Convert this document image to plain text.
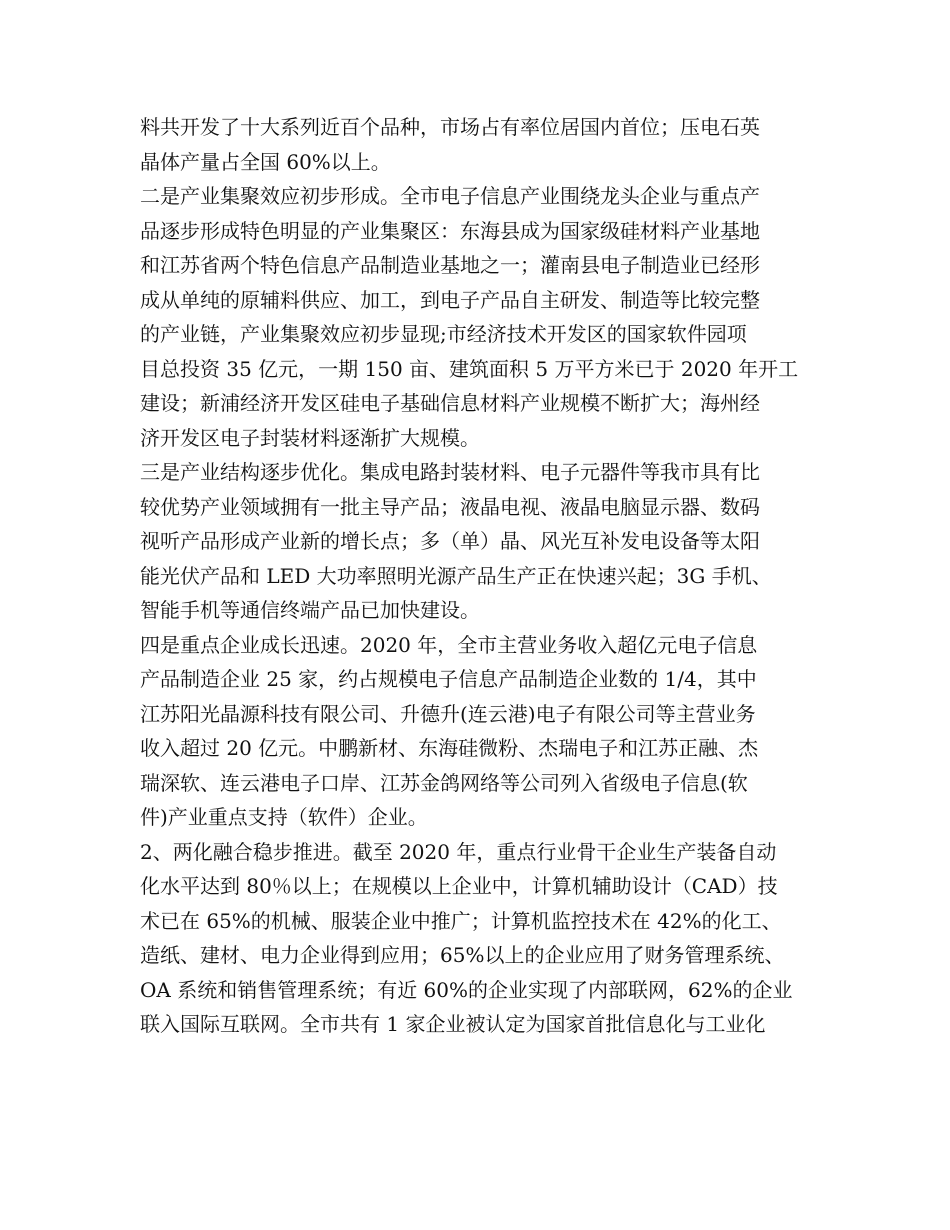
料共开发了十大系列近百个品种，市场占有率位居国内首位；压电石英
晶体产量占全国 60%以上。
二是产业集聚效应初步形成。全市电子信息产业围绕龙头企业与重点产
品逐步形成特色明显的产业集聚区：东海县成为国家级硅材料产业基地
和江苏省两个特色信息产品制造业基地之一；灌南县电子制造业已经形
成从单纯的原辅料供应、加工，到电子产品自主研发、制造等比较完整
的产业链，产业集聚效应初步显现;市经济技术开发区的国家软件园项
目总投资 35 亿元，一期 150 亩、建筑面积 5 万平方米已于 2020 年开工
建设；新浦经济开发区硅电子基础信息材料产业规模不断扩大；海州经
济开发区电子封装材料逐渐扩大规模。
三是产业结构逐步优化。集成电路封装材料、电子元器件等我市具有比
较优势产业领域拥有一批主导产品；液晶电视、液晶电脑显示器、数码
视听产品形成产业新的增长点；多（单）晶、风光互补发电设备等太阳
能光伏产品和 LED 大功率照明光源产品生产正在快速兴起；3G 手机、
智能手机等通信终端产品已加快建设。
四是重点企业成长迅速。2020 年，全市主营业务收入超亿元电子信息
产品制造企业 25 家，约占规模电子信息产品制造企业数的 1/4，其中
江苏阳光晶源科技有限公司、升德升(连云港)电子有限公司等主营业务
收入超过 20 亿元。中鹏新材、东海硅微粉、杰瑞电子和江苏正融、杰
瑞深软、连云港电子口岸、江苏金鸽网络等公司列入省级电子信息(软
件)产业重点支持（软件）企业。
2、两化融合稳步推进。截至 2020 年，重点行业骨干企业生产装备自动
化水平达到 80％以上；在规模以上企业中，计算机辅助设计（CAD）技
术已在 65%的机械、服装企业中推广；计算机监控技术在 42%的化工、
造纸、建材、电力企业得到应用；65%以上的企业应用了财务管理系统、
OA 系统和销售管理系统；有近 60%的企业实现了内部联网，62%的企业
联入国际互联网。全市共有 1 家企业被认定为国家首批信息化与工业化
